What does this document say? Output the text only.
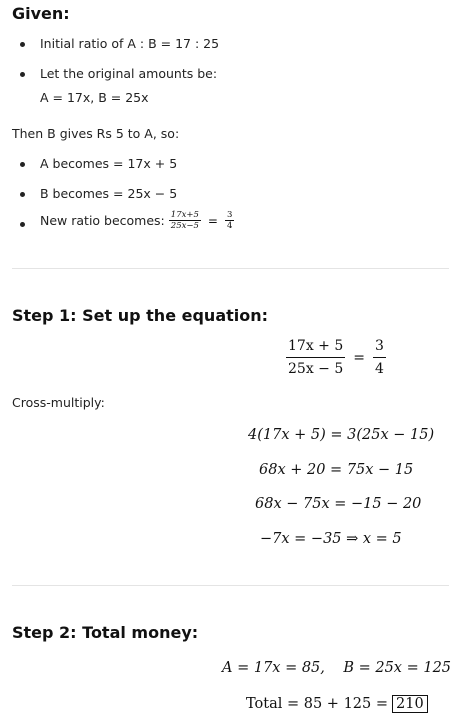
Given:
Initial ratio of A : B = 17 : 25
Let the original amounts be:
A = 17x, B = 25x
Then B gives Rs 5 to A, so:
A becomes = 17x + 5
B becomes = 25x − 5
New ratio becomes: $\frac{17x+5}{25x-5} = \frac{3}{4}$
Step 1: Set up the equation:
$\frac{17x + 5}{25x - 5} = \frac{3}{4}$
Cross-multiply:
4(17x + 5) = 3(25x − 15)
68x + 20 = 75x − 15
68x − 75x = −15 − 20
−7x = −35 ⇒ x = 5
Step 2: Total money:
A = 17x = 85,    B = 25x = 125
Total = 85 + 125 = 210
